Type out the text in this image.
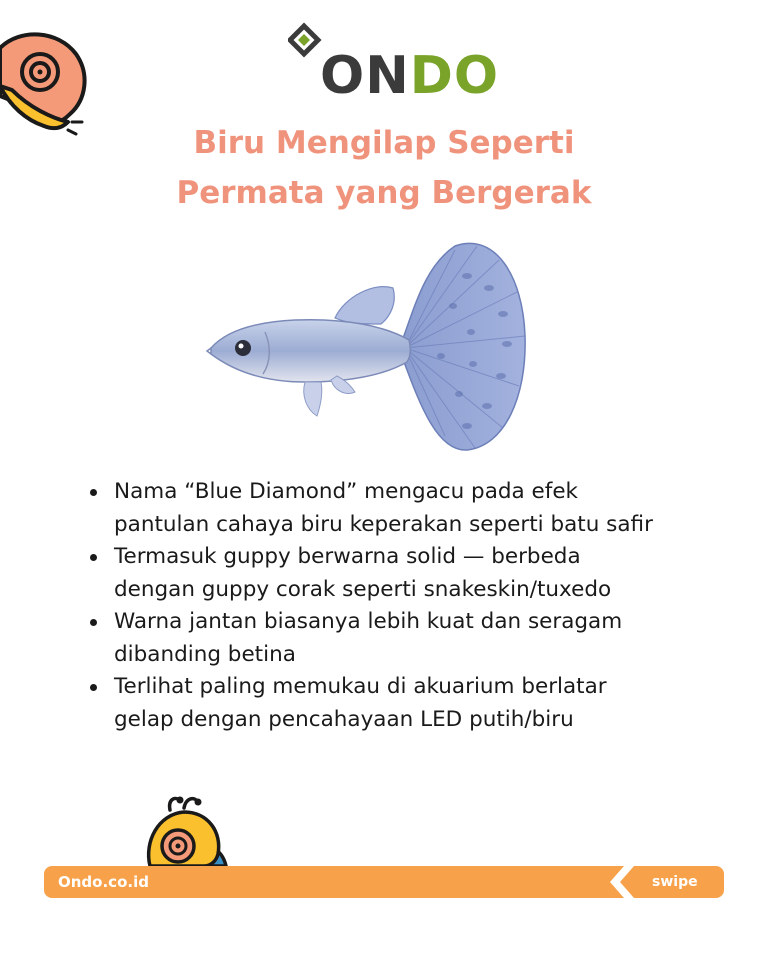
ONDO
Biru Mengilap Seperti
Permata yang Bergerak
Nama “Blue Diamond” mengacu pada efek
pantulan cahaya biru keperakan seperti batu safir
Termasuk guppy berwarna solid — berbeda
dengan guppy corak seperti snakeskin/tuxedo
Warna jantan biasanya lebih kuat dan seragam
dibanding betina
Terlihat paling memukau di akuarium berlatar
gelap dengan pencahayaan LED putih/biru
Ondo.co.id	swipe
